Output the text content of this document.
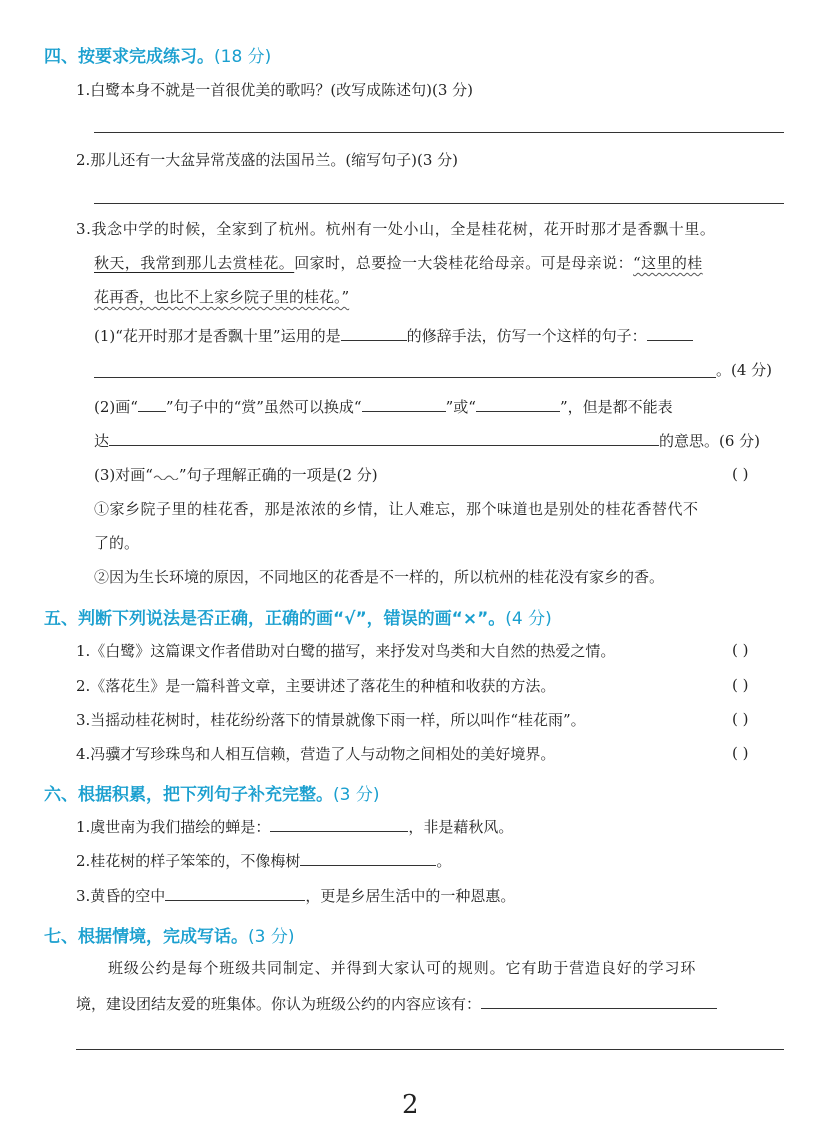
四、按要求完成练习。(18 分)
1.白鹭本身不就是一首很优美的歌吗？(改写成陈述句)(3 分)
2.那儿还有一大盆异常茂盛的法国吊兰。(缩写句子)(3 分)
3.我念中学的时候，全家到了杭州。杭州有一处小山，全是桂花树，花开时那才是香飘十里。
秋天，我常到那儿去赏桂花。回家时，总要捡一大袋桂花给母亲。可是母亲说：“这里的桂
花再香，也比不上家乡院子里的桂花。”
(1)“花开时那才是香飘十里”运用的是	的修辞手法，仿写一个这样的句子：
。(4 分)
(2)画“ ”句子中的“赏”虽然可以换成“	”或“	”，但是都不能表
达	的意思。(6 分)
(3)对画“ ”句子理解正确的一项是(2 分)	( )
①家乡院子里的桂花香，那是浓浓的乡情，让人难忘，那个味道也是别处的桂花香替代不
了的。
②因为生长环境的原因，不同地区的花香是不一样的，所以杭州的桂花没有家乡的香。
五、判断下列说法是否正确，正确的画“√”，错误的画“×”。(4 分)
1.《白鹭》这篇课文作者借助对白鹭的描写，来抒发对鸟类和大自然的热爱之情。	( )
2.《落花生》是一篇科普文章，主要讲述了落花生的种植和收获的方法。	( )
3.当摇动桂花树时，桂花纷纷落下的情景就像下雨一样，所以叫作“桂花雨”。	( )
4.冯骥才写珍珠鸟和人相互信赖，营造了人与动物之间相处的美好境界。	( )
六、根据积累，把下列句子补充完整。(3 分)
1.虞世南为我们描绘的蝉是：	，非是藉秋风。
2.桂花树的样子笨笨的，不像梅树	。
3.黄昏的空中	，更是乡居生活中的一种恩惠。
七、根据情境，完成写话。(3 分)
班级公约是每个班级共同制定、并得到大家认可的规则。它有助于营造良好的学习环
境，建设团结友爱的班集体。你认为班级公约的内容应该有：
2
